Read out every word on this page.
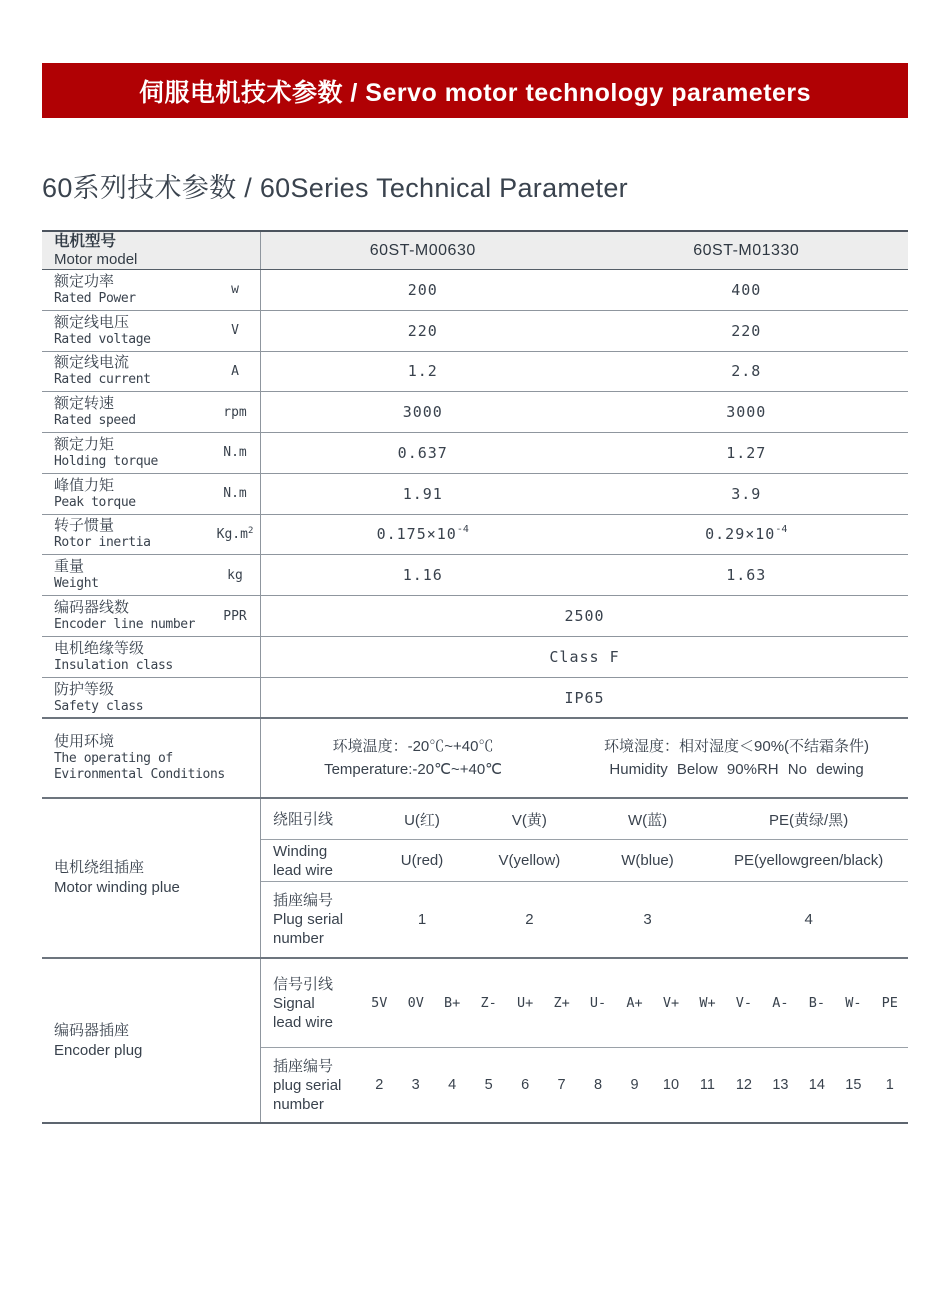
伺服电机技术参数 / Servo motor technology parameters
60系列技术参数 / 60Series Technical Parameter
电机型号
Motor model
60ST-M00630	60ST-M01330
额定功率
Rated Power
w	200	400
额定线电压
Rated voltage
V	220	220
额定线电流
Rated current
A	1.2	2.8
额定转速
Rated speed
rpm	3000	3000
额定力矩
Holding torque
N.m	0.637	1.27
峰值力矩
Peak torque
N.m	1.91	3.9
转子惯量
Rotor inertia
$Kg.m^2$	$0.175\times 10^{-4}$	$0.29\times 10^{-4}$
重量
Weight
kg	1.16	1.63
编码器线数
Encoder line number
PPR	2500
电机绝缘等级
Insulation class	Class F
防护等级
Safety class	IP65
使用环境
The operating of
Evironmental Conditions
环境温度：-20℃~+40℃
Temperature:-20℃~+40℃
环境湿度：相对湿度＜90%(不结霜条件)
Humidity Below 90%RH No dewing
电机绕组插座
Motor winding plue
绕阻引线	U(红)	V(黄)	W(蓝)	PE(黄绿/黑)
Winding
lead wire
U(red)	V(yellow)	W(blue)	PE(yellowgreen/black)
插座编号
Plug serial
number
1	2	3	4
编码器插座
Encoder plug
信号引线
Signal
lead wire
5V	0V	B+	Z-	U+	Z+	U-	A+	V+	W+	V-	A-	B-	W-	PE
插座编号
plug serial
number
2	3	4	5	6	7	8	9	10	11	12	13	14	15	1
